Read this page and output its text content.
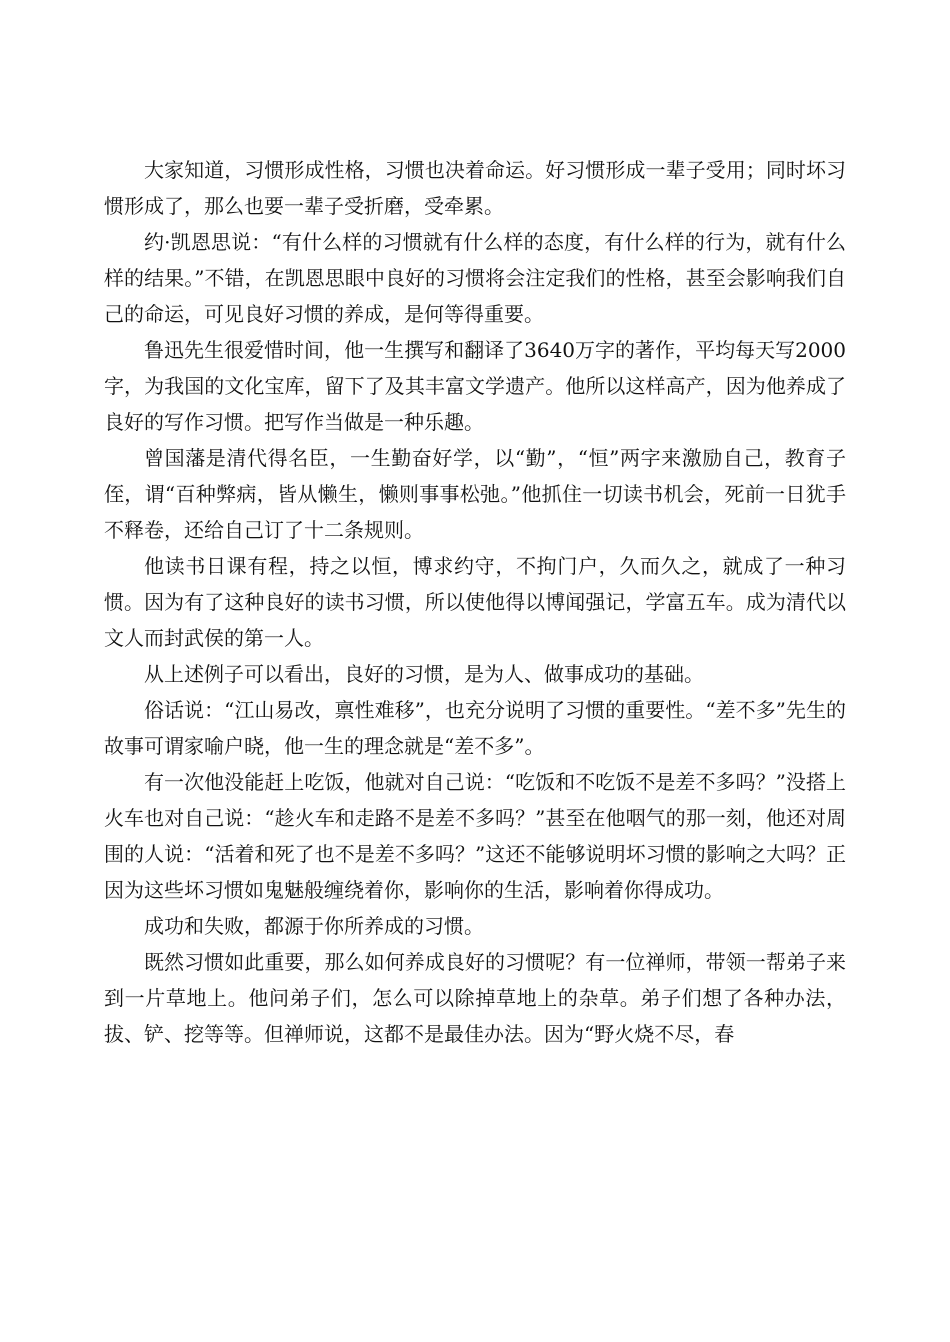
大家知道，习惯形成性格，习惯也决着命运。好习惯形成一辈子受用；同时坏习惯形成了，那么也要一辈子受折磨，受牵累。

约·凯恩思说：“有什么样的习惯就有什么样的态度，有什么样的行为，就有什么样的结果。”不错，在凯恩思眼中良好的习惯将会注定我们的性格，甚至会影响我们自己的命运，可见良好习惯的养成，是何等得重要。

鲁迅先生很爱惜时间，他一生撰写和翻译了3640万字的著作，平均每天写2000字，为我国的文化宝库，留下了及其丰富文学遗产。他所以这样高产，因为他养成了良好的写作习惯。把写作当做是一种乐趣。

曾国藩是清代得名臣，一生勤奋好学，以“勤”，“恒”两字来激励自己，教育子侄，谓“百种弊病，皆从懒生，懒则事事松弛。”他抓住一切读书机会，死前一日犹手不释卷，还给自己订了十二条规则。

他读书日课有程，持之以恒，博求约守，不拘门户，久而久之，就成了一种习惯。因为有了这种良好的读书习惯，所以使他得以博闻强记，学富五车。成为清代以文人而封武侯的第一人。

从上述例子可以看出，良好的习惯，是为人、做事成功的基础。

俗话说：“江山易改，禀性难移”，也充分说明了习惯的重要性。“差不多”先生的故事可谓家喻户晓，他一生的理念就是“差不多”。

有一次他没能赶上吃饭，他就对自己说：“吃饭和不吃饭不是差不多吗？”没搭上火车也对自己说：“趁火车和走路不是差不多吗？”甚至在他咽气的那一刻，他还对周围的人说：“活着和死了也不是差不多吗？”这还不能够说明坏习惯的影响之大吗？正因为这些坏习惯如鬼魅般缠绕着你，影响你的生活，影响着你得成功。

成功和失败，都源于你所养成的习惯。

既然习惯如此重要，那么如何养成良好的习惯呢？有一位禅师，带领一帮弟子来到一片草地上。他问弟子们，怎么可以除掉草地上的杂草。弟子们想了各种办法，拔、铲、挖等等。但禅师说，这都不是最佳办法。因为“野火烧不尽，春
